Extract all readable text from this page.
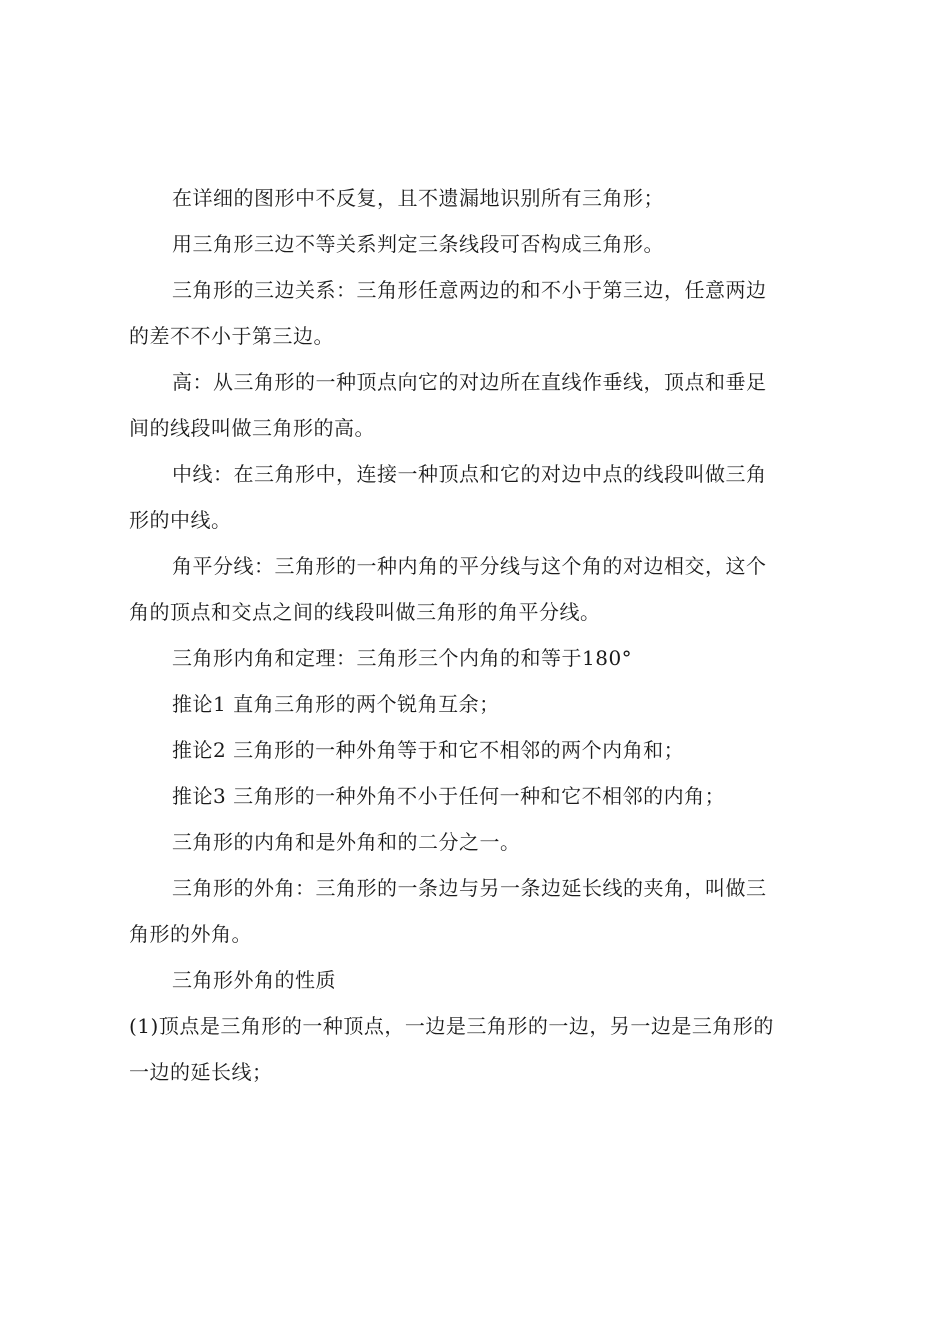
在详细的图形中不反复，且不遗漏地识别所有三角形；

用三角形三边不等关系判定三条线段可否构成三角形。

三角形的三边关系：三角形任意两边的和不小于第三边，任意两边

的差不不小于第三边。

高：从三角形的一种顶点向它的对边所在直线作垂线，顶点和垂足

间的线段叫做三角形的高。

中线：在三角形中，连接一种顶点和它的对边中点的线段叫做三角

形的中线。

角平分线：三角形的一种内角的平分线与这个角的对边相交，这个

角的顶点和交点之间的线段叫做三角形的角平分线。

三角形内角和定理：三角形三个内角的和等于180°

推论1 直角三角形的两个锐角互余；

推论2 三角形的一种外角等于和它不相邻的两个内角和；

推论3 三角形的一种外角不小于任何一种和它不相邻的内角；

三角形的内角和是外角和的二分之一。

三角形的外角：三角形的一条边与另一条边延长线的夹角，叫做三

角形的外角。

三角形外角的性质

(1)顶点是三角形的一种顶点，一边是三角形的一边，另一边是三角形的

一边的延长线；
